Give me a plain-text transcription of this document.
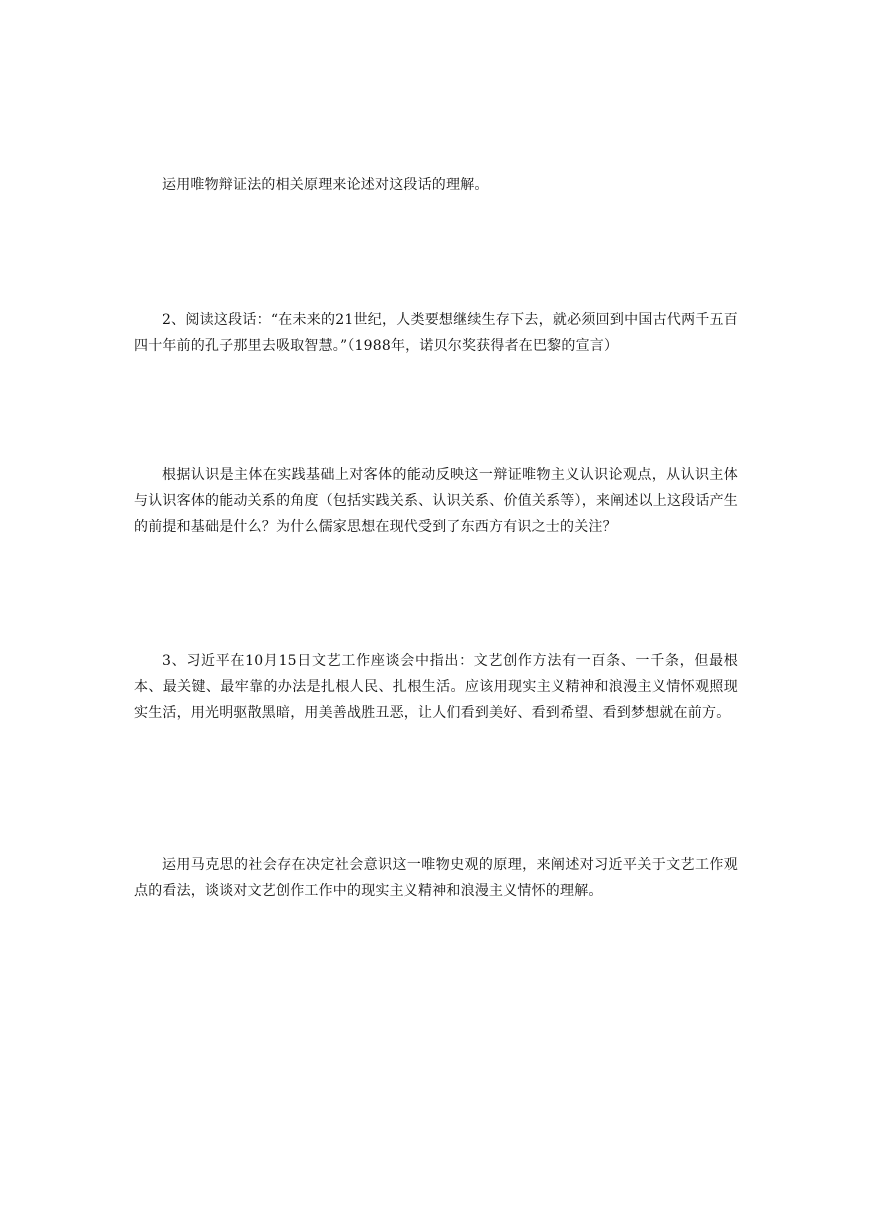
运用唯物辩证法的相关原理来论述对这段话的理解。

2、阅读这段话：“在未来的21世纪，人类要想继续生存下去，就必须回到中国古代两千五百四十年前的孔子那里去吸取智慧。”（1988年，诺贝尔奖获得者在巴黎的宣言）

根据认识是主体在实践基础上对客体的能动反映这一辩证唯物主义认识论观点，从认识主体与认识客体的能动关系的角度（包括实践关系、认识关系、价值关系等），来阐述以上这段话产生的前提和基础是什么？为什么儒家思想在现代受到了东西方有识之士的关注？

3、习近平在10月15日文艺工作座谈会中指出：文艺创作方法有一百条、一千条，但最根本、最关键、最牢靠的办法是扎根人民、扎根生活。应该用现实主义精神和浪漫主义情怀观照现实生活，用光明驱散黑暗，用美善战胜丑恶，让人们看到美好、看到希望、看到梦想就在前方。

运用马克思的社会存在决定社会意识这一唯物史观的原理，来阐述对习近平关于文艺工作观点的看法，谈谈对文艺创作工作中的现实主义精神和浪漫主义情怀的理解。
